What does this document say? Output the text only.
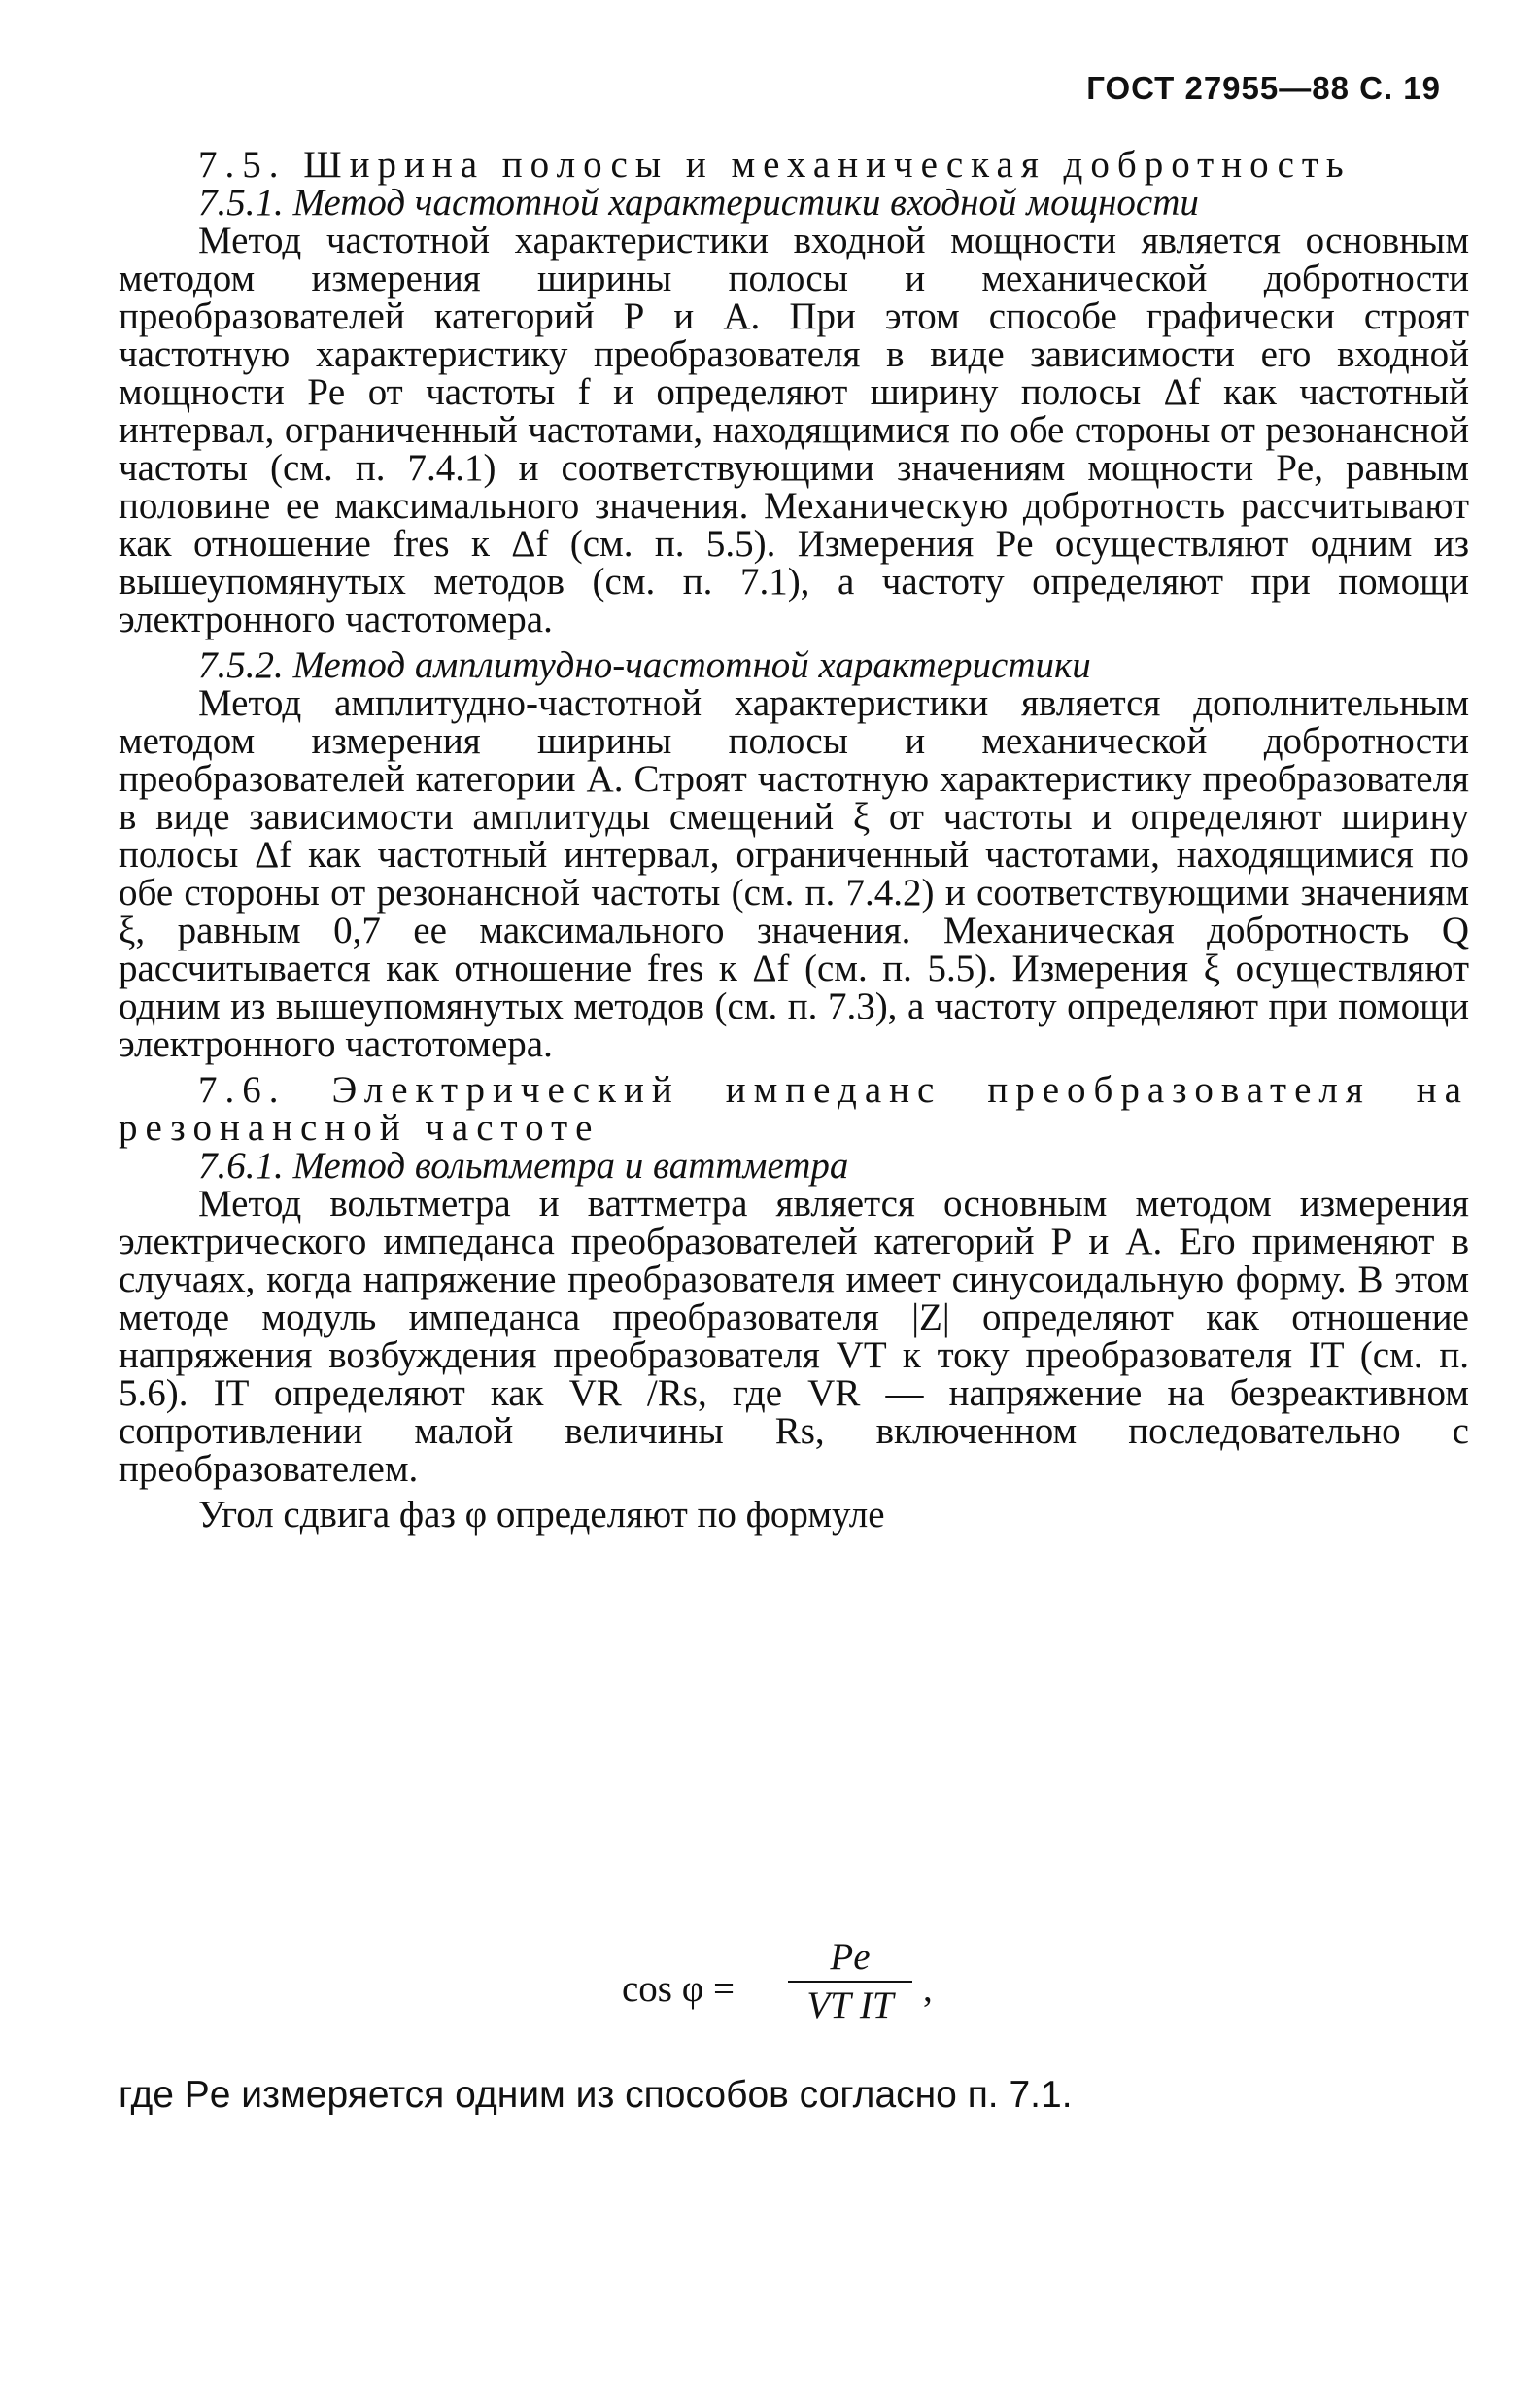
ГОСТ 27955—88 С. 19

7.5. Ширина полосы и механическая добротность

7.5.1. Метод частотной характеристики входной мощности

Метод частотной характеристики входной мощности является основным методом измерения ширины полосы и механической добротности преобразователей категорий Р и А. При этом способе графически строят частотную характеристику преобразователя в виде зависимости его входной мощности Pe от частоты f и определяют ширину полосы Δf как частотный интервал, ограниченный частотами, находящимися по обе стороны от резонансной частоты (см. п. 7.4.1) и соответствующими значениям мощности Pe, равным половине ее максимального значения. Механическую добротность рассчитывают как отношение fres к Δf (см. п. 5.5). Измерения Pe осуществляют одним из вышеупомянутых методов (см. п. 7.1), а частоту определяют при помощи электронного частотомера.

7.5.2. Метод амплитудно-частотной характеристики

Метод амплитудно-частотной характеристики является дополнительным методом измерения ширины полосы и механической добротности преобразователей категории А. Строят частотную характеристику преобразователя в виде зависимости амплитуды смещений ξ от частоты и определяют ширину полосы Δf как частотный интервал, ограниченный частотами, находящимися по обе стороны от резонансной частоты (см. п. 7.4.2) и соответствующими значениям ξ, равным 0,7 ее максимального значения. Механическая добротность Q рассчитывается как отношение fres к Δf (см. п. 5.5). Измерения ξ осуществляют одним из вышеупомянутых методов (см. п. 7.3), а частоту определяют при помощи электронного частотомера.

7.6. Электрический импеданс преобразователя на резонансной частоте

7.6.1. Метод вольтметра и ваттметра

Метод вольтметра и ваттметра является основным методом измерения электрического импеданса преобразователей категорий Р и А. Его применяют в случаях, когда напряжение преобразователя имеет синусоидальную форму. В этом методе модуль импеданса преобразователя |Z| определяют как отношение напряжения возбуждения преобразователя VT к току преобразователя IT (см. п. 5.6). IT определяют как VR /Rs, где VR — напряжение на безреактивном сопротивлении малой величины Rs, включенном последовательно с преобразователем.

Угол сдвига фаз φ определяют по формуле

cos φ =
Pe
VT IT ,
где Pe измеряется одним из способов согласно п. 7.1.
